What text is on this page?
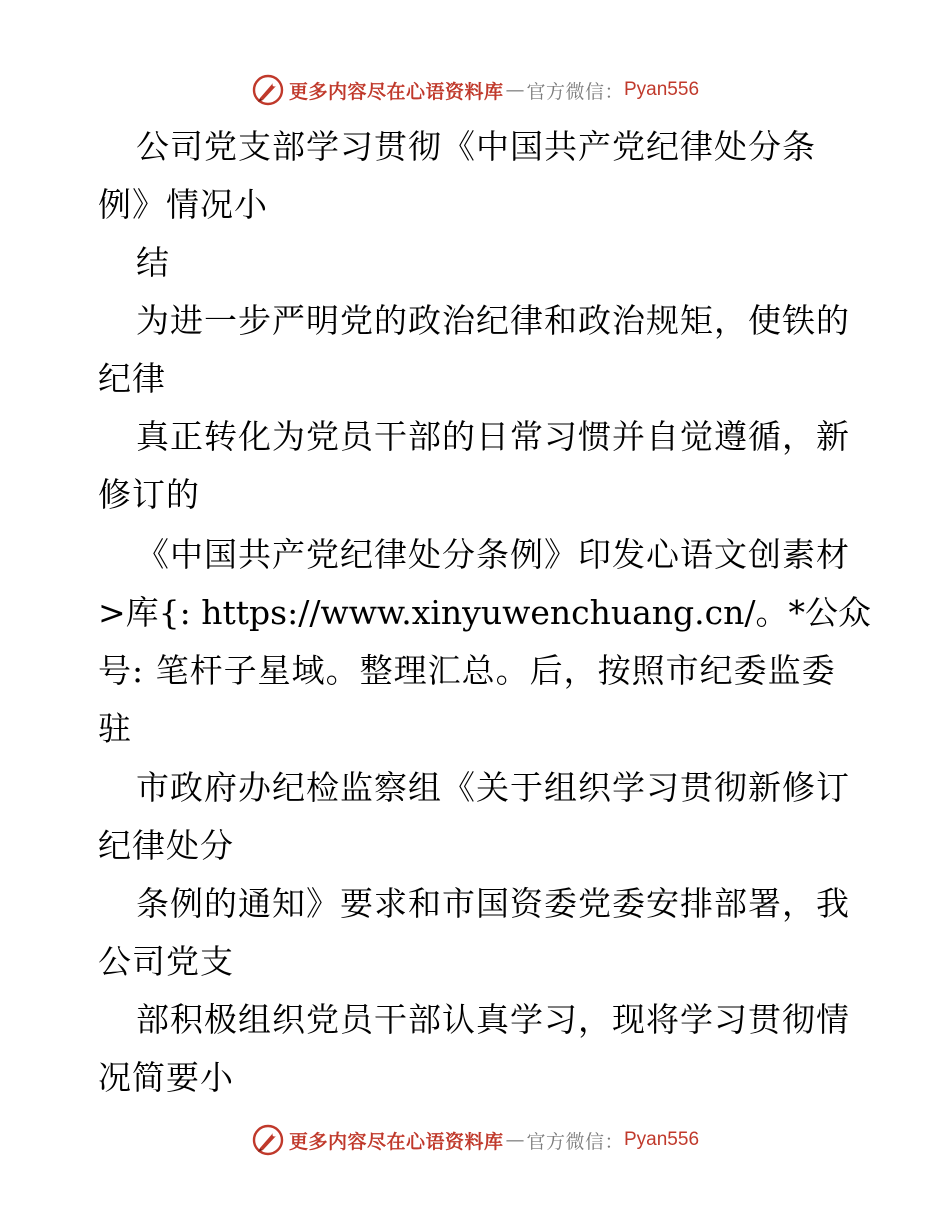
更多内容尽在心语资料库 — 官方微信： Pyan556
公司党支部学习贯彻《中国共产党纪律处分条
例》情况小
结
为进一步严明党的政治纪律和政治规矩，使铁的
纪律
真正转化为党员干部的日常习惯并自觉遵循，新
修订的
《中国共产党纪律处分条例》印发心语文创素材
>库{: https://www.xinyuwenchuang.cn/。*公众
号: 笔杆子星域。整理汇总。后，按照市纪委监委
驻
市政府办纪检监察组《关于组织学习贯彻新修订
纪律处分
条例的通知》要求和市国资委党委安排部署，我
公司党支
部积极组织党员干部认真学习，现将学习贯彻情
况简要小
更多内容尽在心语资料库 — 官方微信： Pyan556
